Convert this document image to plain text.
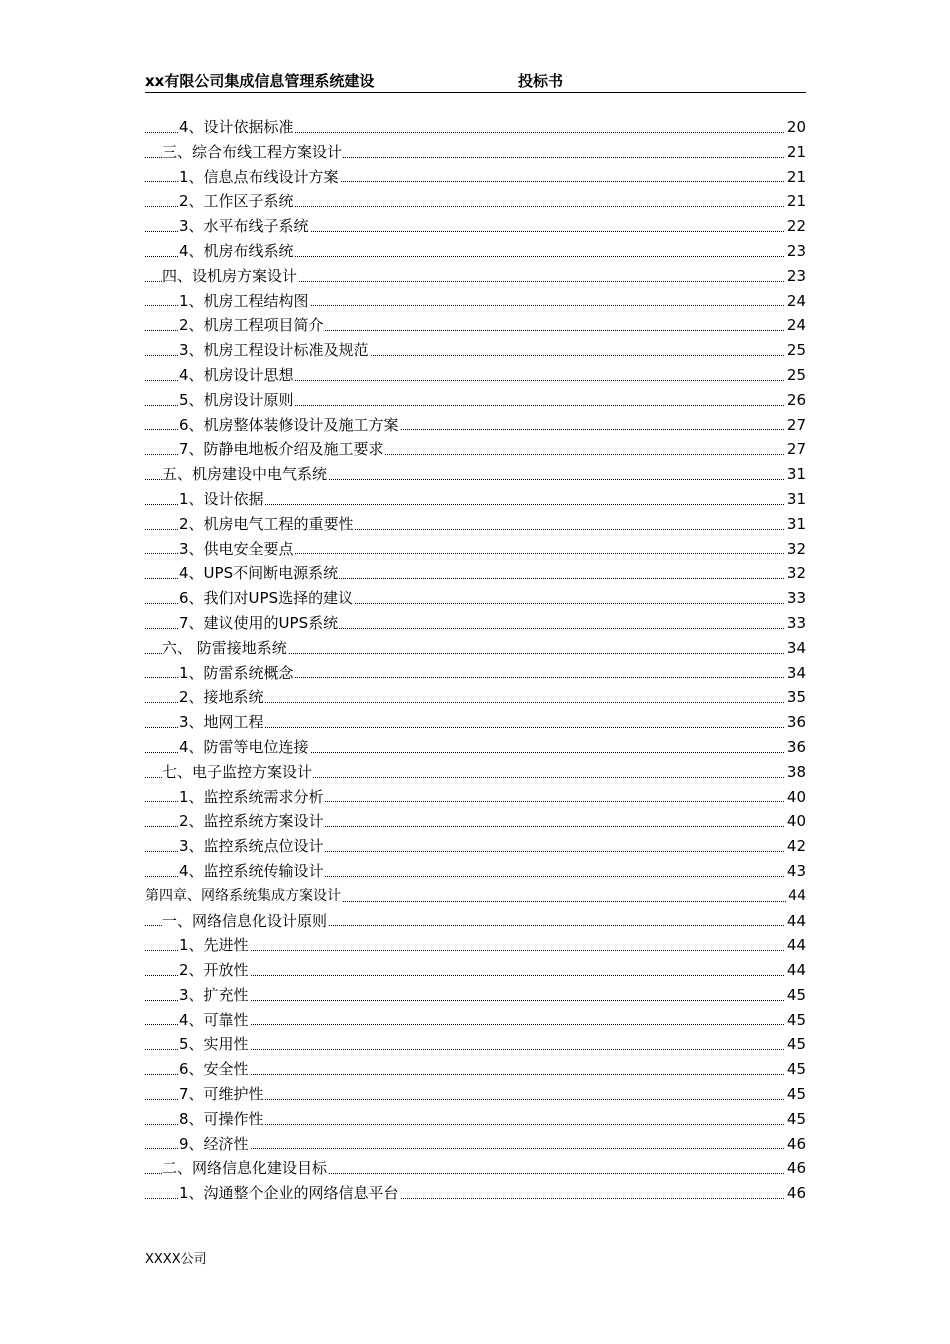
xx有限公司集成信息管理系统建设	投标书
4、设计依据标准	20
三、综合布线工程方案设计	21
1、信息点布线设计方案	21
2、工作区子系统	21
3、水平布线子系统	22
4、机房布线系统	23
四、设机房方案设计	23
1、机房工程结构图	24
2、机房工程项目简介	24
3、机房工程设计标准及规范	25
4、机房设计思想	25
5、机房设计原则	26
6、机房整体装修设计及施工方案	27
7、防静电地板介绍及施工要求	27
五、机房建设中电气系统	31
1、设计依据	31
2、机房电气工程的重要性	31
3、供电安全要点	32
4、UPS不间断电源系统	32
6、我们对UPS选择的建议	33
7、建议使用的UPS系统	33
六、 防雷接地系统	34
1、防雷系统概念	34
2、接地系统	35
3、地网工程	36
4、防雷等电位连接	36
七、电子监控方案设计	38
1、监控系统需求分析	40
2、监控系统方案设计	40
3、监控系统点位设计	42
4、监控系统传输设计	43
第四章、网络系统集成方案设计	44
一、网络信息化设计原则	44
1、先进性	44
2、开放性	44
3、扩充性	45
4、可靠性	45
5、实用性	45
6、安全性	45
7、可维护性	45
8、可操作性	45
9、经济性	46
二、网络信息化建设目标	46
1、沟通整个企业的网络信息平台	46
XXXX公司
